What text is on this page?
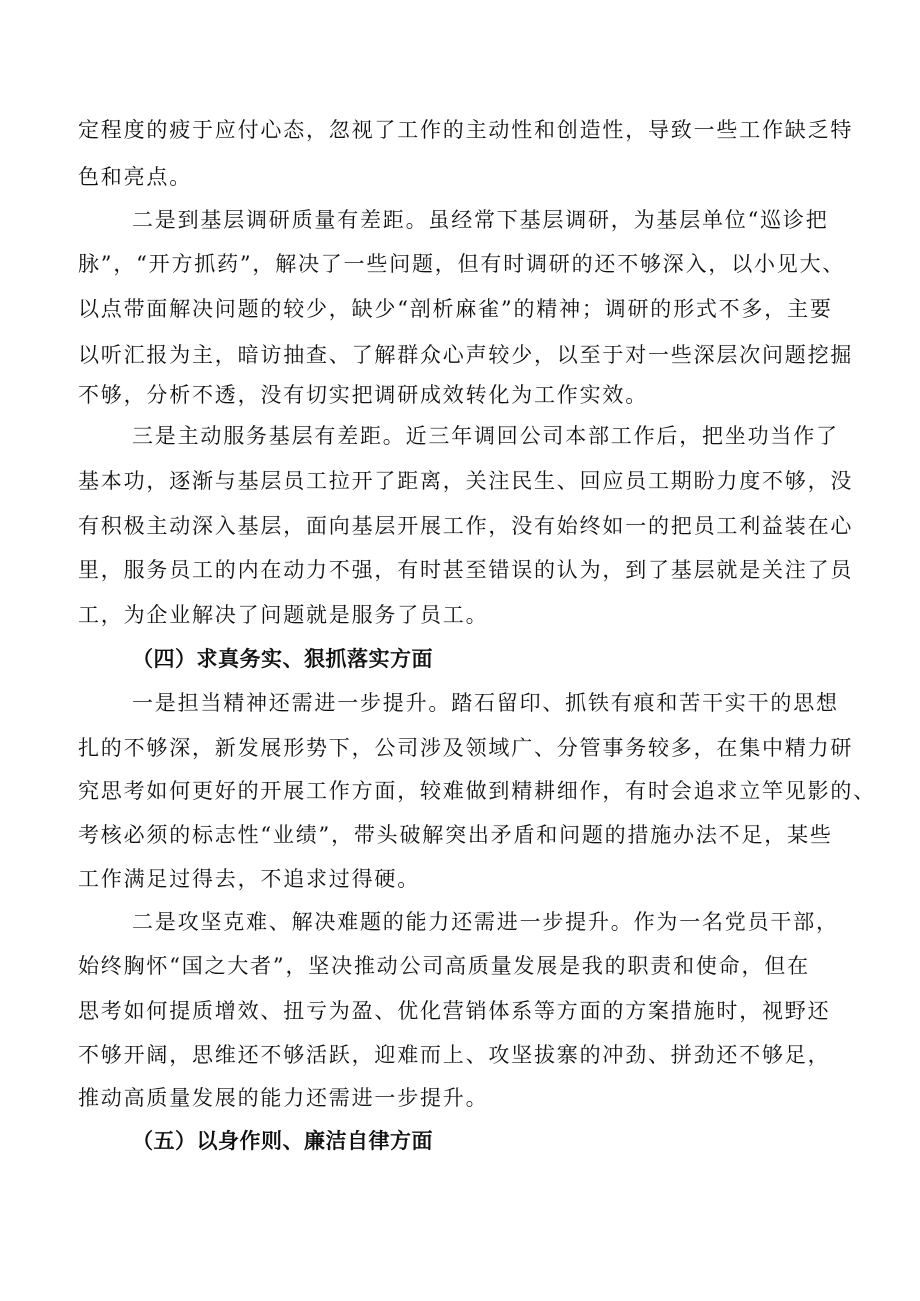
定程度的疲于应付心态，忽视了工作的主动性和创造性，导致一些工作缺乏特
色和亮点。
二是到基层调研质量有差距。虽经常下基层调研，为基层单位“巡诊把
脉”，“开方抓药”，解决了一些问题，但有时调研的还不够深入，以小见大、
以点带面解决问题的较少，缺少“剖析麻雀”的精神；调研的形式不多，主要
以听汇报为主，暗访抽查、了解群众心声较少，以至于对一些深层次问题挖掘
不够，分析不透，没有切实把调研成效转化为工作实效。
三是主动服务基层有差距。近三年调回公司本部工作后，把坐功当作了
基本功，逐渐与基层员工拉开了距离，关注民生、回应员工期盼力度不够，没
有积极主动深入基层，面向基层开展工作，没有始终如一的把员工利益装在心
里，服务员工的内在动力不强，有时甚至错误的认为，到了基层就是关注了员
工，为企业解决了问题就是服务了员工。
（四）求真务实、狠抓落实方面
一是担当精神还需进一步提升。踏石留印、抓铁有痕和苦干实干的思想
扎的不够深，新发展形势下，公司涉及领域广、分管事务较多，在集中精力研
究思考如何更好的开展工作方面，较难做到精耕细作，有时会追求立竿见影的、
考核必须的标志性“业绩”，带头破解突出矛盾和问题的措施办法不足，某些
工作满足过得去，不追求过得硬。
二是攻坚克难、解决难题的能力还需进一步提升。作为一名党员干部，
始终胸怀“国之大者”，坚决推动公司高质量发展是我的职责和使命，但在
思考如何提质增效、扭亏为盈、优化营销体系等方面的方案措施时，视野还
不够开阔，思维还不够活跃，迎难而上、攻坚拔寨的冲劲、拼劲还不够足，
推动高质量发展的能力还需进一步提升。
（五）以身作则、廉洁自律方面
